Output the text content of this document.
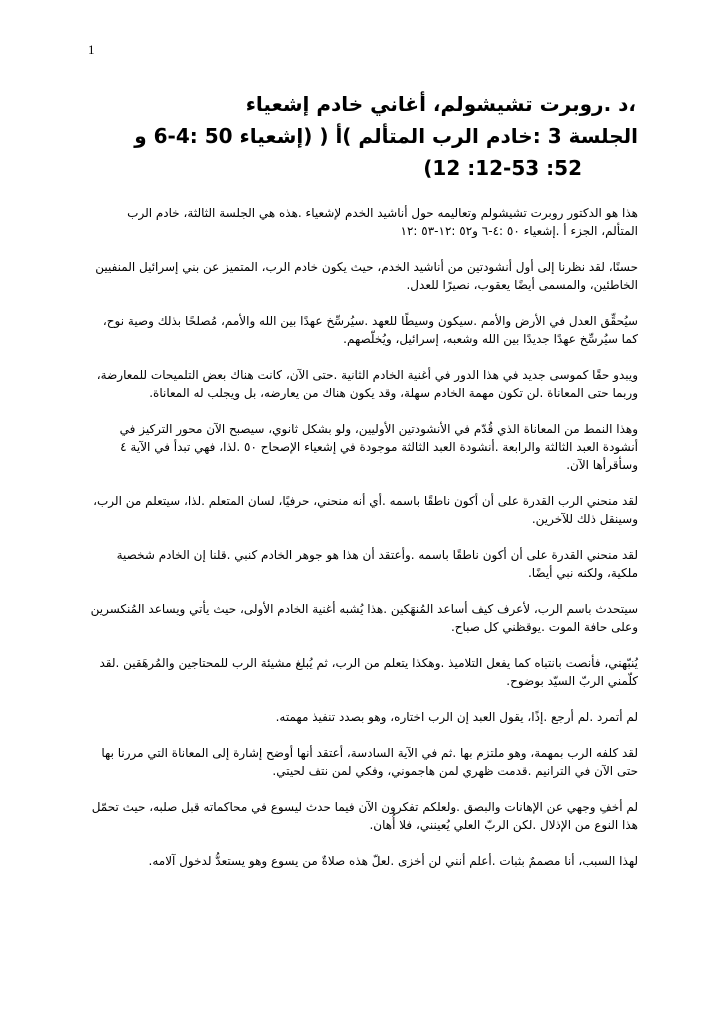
1

،د .روبرت تشيشولم، أغاني خادم إشعياء

الجلسة 3 :خادم الرب المتألم )أ ( (إشعياء 50 :4-6 و

52: 12-53: 12)

هذا هو الدكتور روبرت تشيشولم وتعاليمه حول أناشيد الخدم لإشعياء .هذه هي الجلسة الثالثة، خادم الرب المتألم، الجزء أ .إشعياء ٥٠ :٤-٦ و٥٢ :١٢-٥٣ :١٢

حسنًا، لقد نظرنا إلى أول أنشودتين من أناشيد الخدم، حيث يكون خادم الرب، المتميز عن بني إسرائيل المنفيين الخاطئين، والمسمى أيضًا يعقوب، نصيرًا للعدل.

سيُحقِّق العدل في الأرض والأمم .سيكون وسيطًا للعهد .سيُرسِّخ عهدًا بين الله والأمم، مُصلحًا بذلك وصية نوح، كما سيُرسِّخ عهدًا جديدًا بين الله وشعبه، إسرائيل، ويُخلّصهم.

ويبدو حقًا كموسى جديد في هذا الدور في أغنية الخادم الثانية .حتى الآن، كانت هناك بعض التلميحات للمعارضة، وربما حتى المعاناة .لن تكون مهمة الخادم سهلة، وقد يكون هناك من يعارضه، بل ويجلب له المعاناة.

وهذا النمط من المعاناة الذي قُدّم في الأنشودتين الأوليين، ولو بشكل ثانوي، سيصبح الآن محور التركيز في أنشودة العبد الثالثة والرابعة .أنشودة العبد الثالثة موجودة في إشعياء الإصحاح ٥٠ .لذا، فهي تبدأ في الآية ٤ وسأقرأها الآن.

لقد منحني الرب القدرة على أن أكون ناطقًا باسمه .أي أنه منحني، حرفيًا، لسان المتعلم .لذا، سيتعلم من الرب، وسينقل ذلك للآخرين.

لقد منحني القدرة على أن أكون ناطقًا باسمه .وأعتقد أن هذا هو جوهر الخادم كنبي .قلنا إن الخادم شخصية ملكية، ولكنه نبي أيضًا.

سيتحدث باسم الرب، لأعرف كيف أساعد المُنهَكين .هذا يُشبه أغنية الخادم الأولى، حيث يأتي ويساعد المُنكسرين وعلى حافة الموت .يوقظني كل صباح.

يُنبّهني، فأنصت بانتباه كما يفعل التلاميذ .وهكذا يتعلم من الرب، ثم يُبلغ مشيئة الرب للمحتاجين والمُرهَقين .لقد كلّمني الربّ السيّد بوضوح.

لم أتمرد .لم أرجع .إذًا، يقول العبد إن الرب اختاره، وهو بصدد تنفيذ مهمته.

لقد كلفه الرب بمهمة، وهو ملتزم بها .ثم في الآية السادسة، أعتقد أنها أوضح إشارة إلى المعاناة التي مررنا بها حتى الآن في الترانيم .قدمت ظهري لمن هاجموني، وفكي لمن نتف لحيتي.

لم أخفِ وجهي عن الإهانات والبصق .ولعلكم تفكرون الآن فيما حدث ليسوع في محاكماته قبل صلبه، حيث تحمّل هذا النوع من الإذلال .لكن الربّ العلي يُعينني، فلا أُهان.

لهذا السبب، أنا مصممٌ بثبات .أعلم أنني لن أخزى .لعلّ هذه صلاةٌ من يسوع وهو يستعدُّ لدخول آلامه.
